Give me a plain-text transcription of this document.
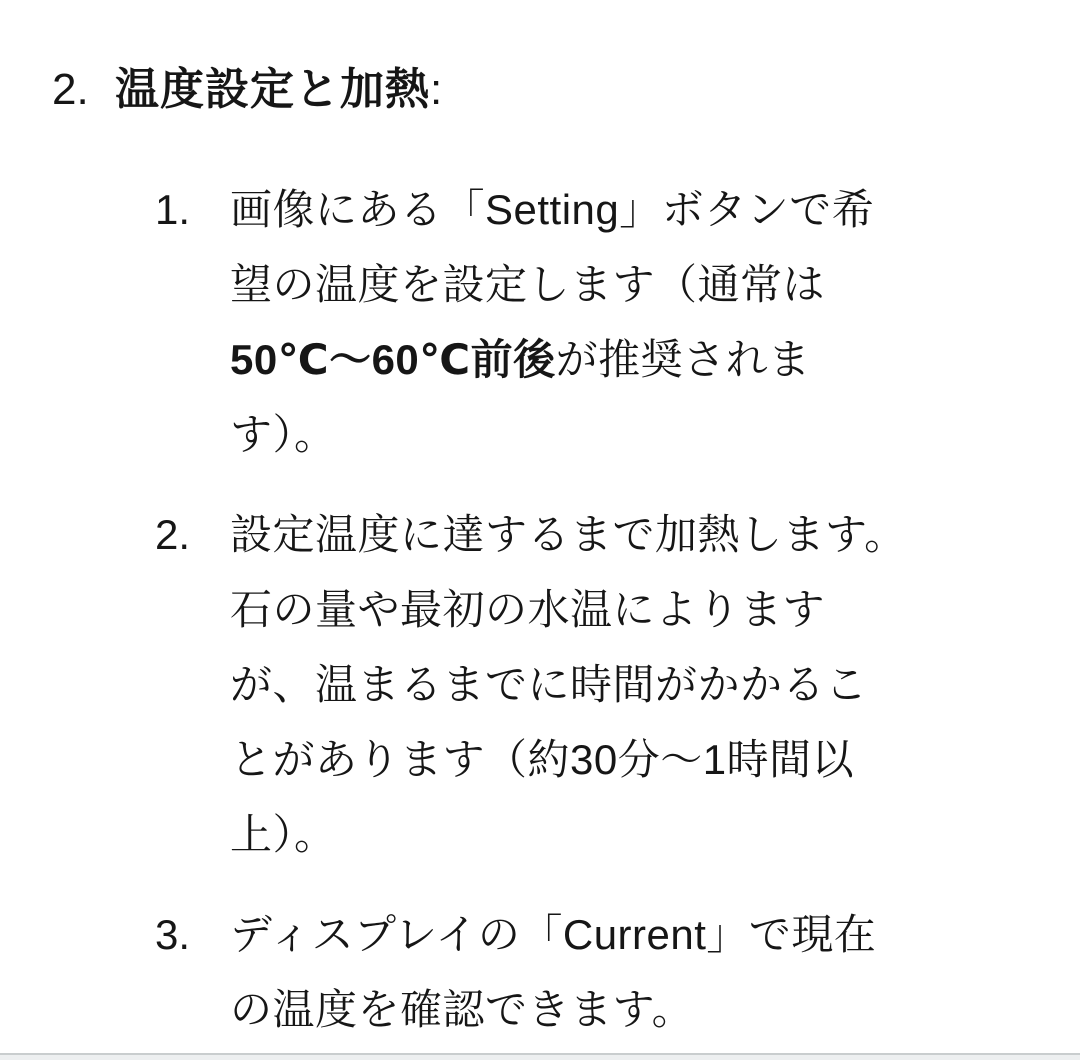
2. 温度設定と加熱 :
1. 画像にある「Setting」ボタンで希
望の温度を設定します（通常は
50℃〜60℃前後が推奨されま
す）。
2. 設定温度に達するまで加熱します。
石の量や最初の水温によります
が、温まるまでに時間がかかるこ
とがあります（約30分〜1時間以
上）。
3. ディスプレイの「Current」で現在
の温度を確認できます。
